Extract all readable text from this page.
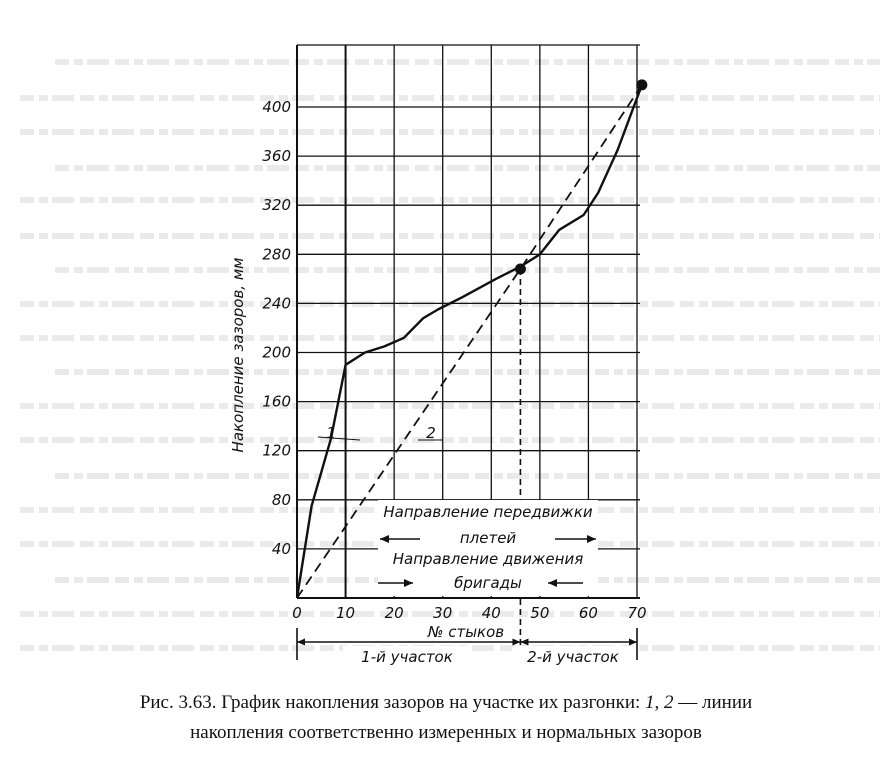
40
80
120
160
200
240
280
320
360
400
Накопление зазоров, мм
0 10 20 30 40 50 60 70
№ стыков
1	2
Направление передвижки
плетей
Направление движения
бригады
1-й участок	2-й участок
Рис. 3.63. График накопления зазоров на участке их разгонки: 1, 2 — линии
накопления соответственно измеренных и нормальных зазоров
